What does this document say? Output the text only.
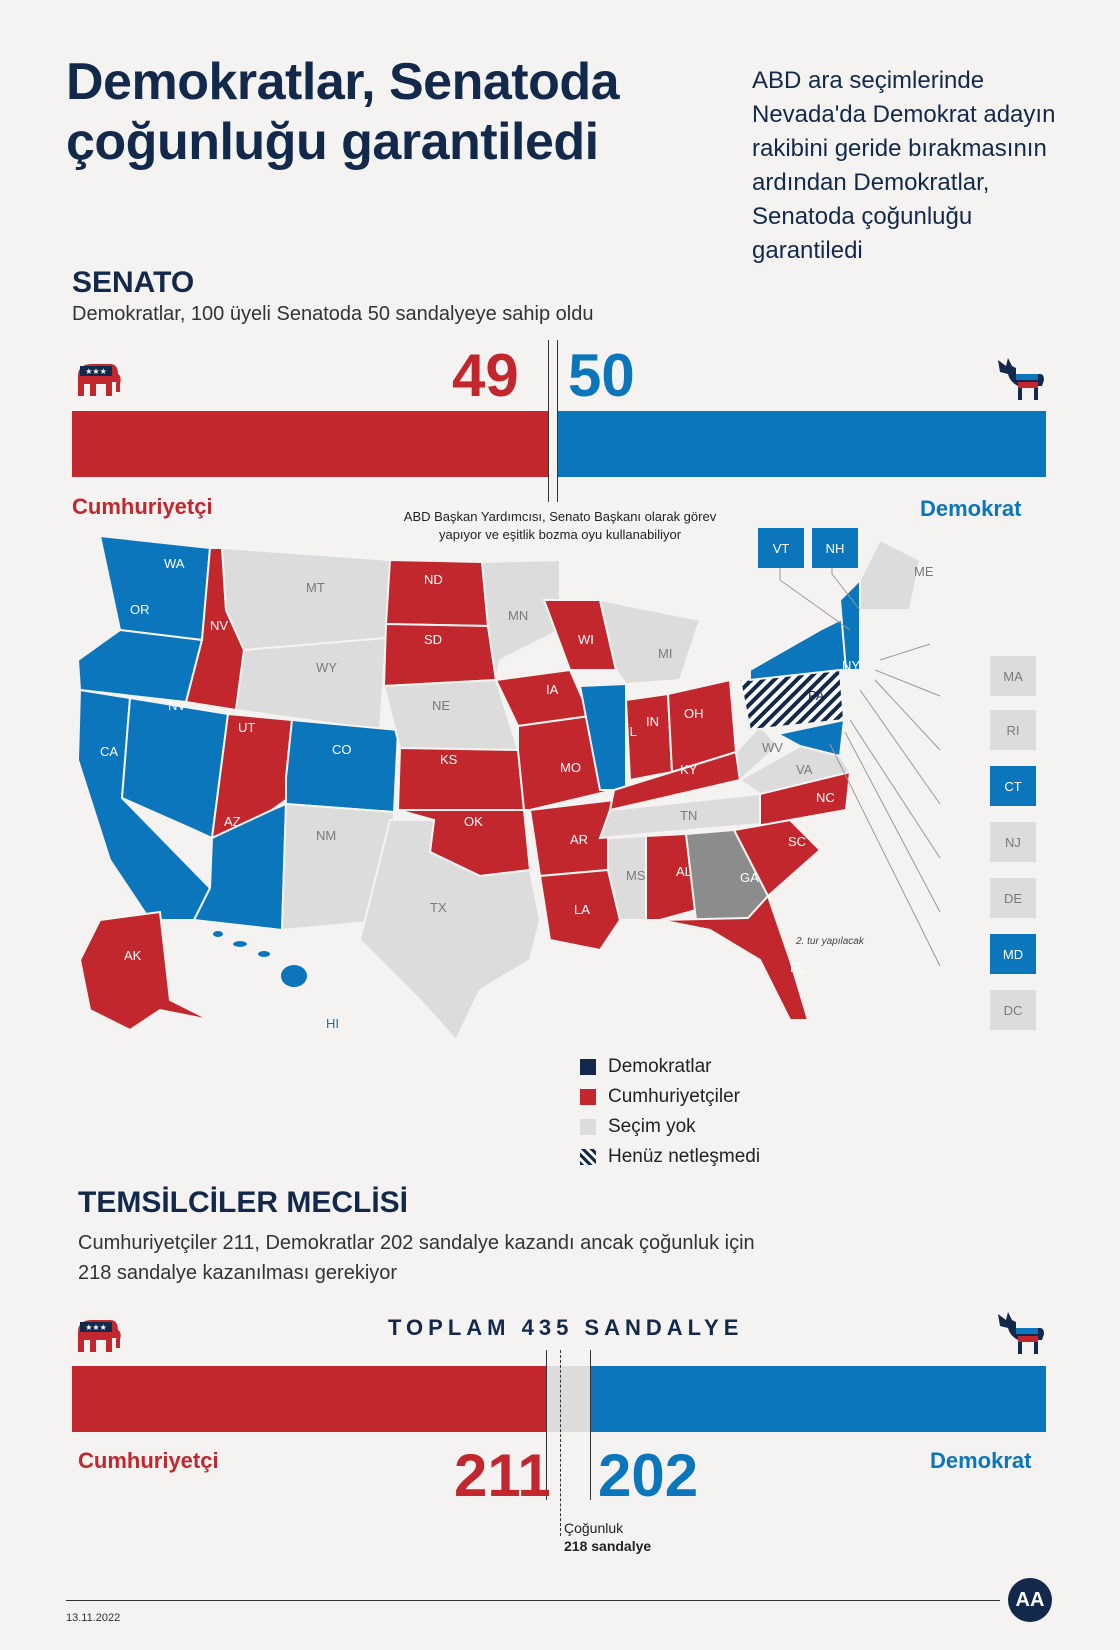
Demokratlar, Senatoda
çoğunluğu garantiledi
ABD ara seçimlerinde Nevada'da Demokrat adayın rakibini geride bırakmasının ardından Demokratlar, Senatoda çoğunluğu garantiledi
SENATO
Demokratlar, 100 üyeli Senatoda 50 sandalyeye sahip oldu
★★★	49 50
Cumhuriyetçi	Demokrat
ABD Başkan Yardımcısı, Senato Başkanı olarak görev yapıyor ve eşitlik bozma oyu kullanabiliyor
WA
OR
CA
NV
NV
MT
WY
UT
CO
AZ
NM
ND
SD
NE
KS
OK
TX
MN
IA
MO
AR
LA
WI
IL
MI
IN
OH
KY
TN
MS AL	GA
FL
SC
NC
VA
WV
PA
NY
ME
AK
HI
2. tur yapılacak
VT	NH
MA
RI
CT
NJ
DE
MD
DC
Demokratlar
Cumhuriyetçiler
Seçim yok
Henüz netleşmedi
TEMSİLCİLER MECLİSİ
Cumhuriyetçiler 211, Demokratlar 202 sandalye kazandı ancak çoğunluk için
218 sandalye kazanılması gerekiyor
★★★	TOPLAM 435 SANDALYE
Cumhuriyetçi	Demokrat
211 202
Çoğunluk
218 sandalye
13.11.2022
AA
